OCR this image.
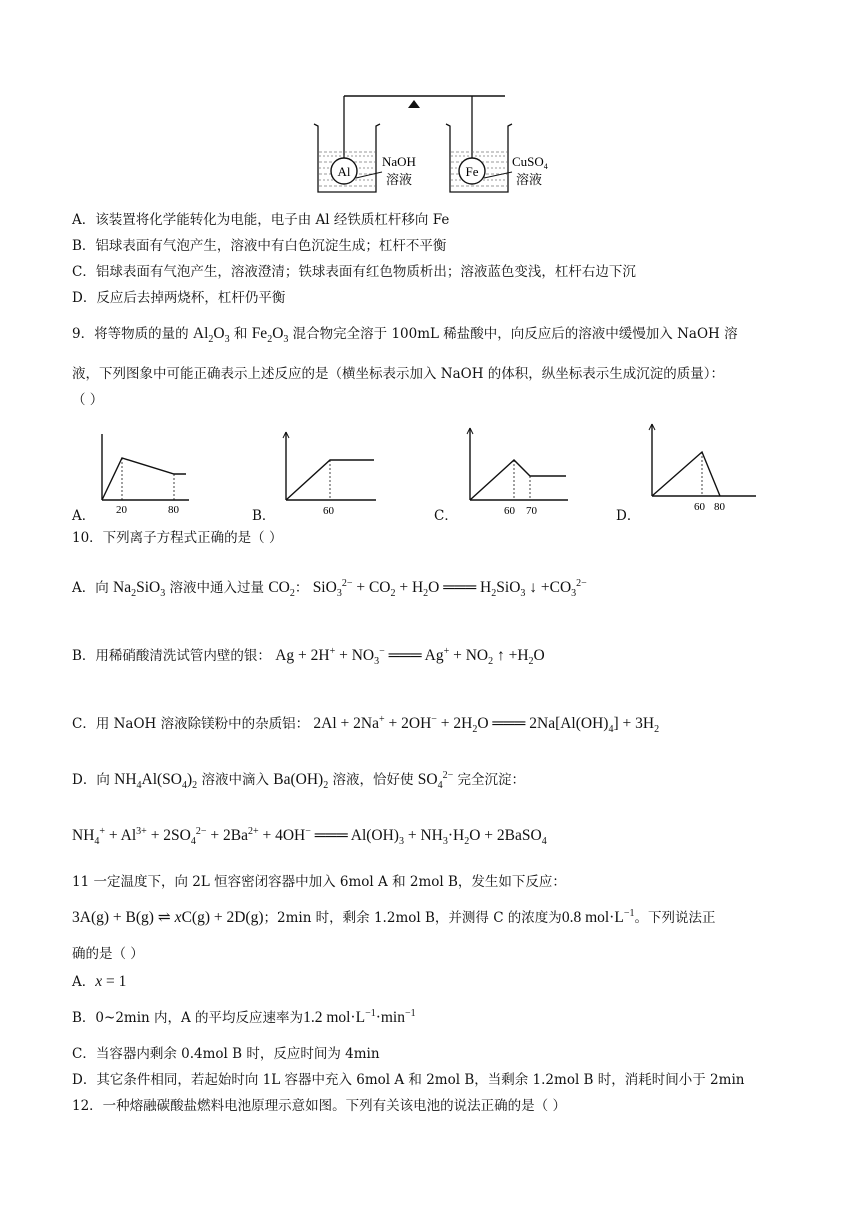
Al	Fe
NaOH
溶液
CuSO$_4$
溶液
A．该装置将化学能转化为电能，电子由 Al 经铁质杠杆移向 Fe
B．铝球表面有气泡产生，溶液中有白色沉淀生成；杠杆不平衡
C．铝球表面有气泡产生，溶液澄清；铁球表面有红色物质析出；溶液蓝色变浅，杠杆右边下沉
D．反应后去掉两烧杯，杠杆仍平衡
9．将等物质的量的 $Al_2O_3$ 和 $Fe_2O_3$ 混合物完全溶于 100mL 稀盐酸中，向反应后的溶液中缓慢加入 NaOH 溶
液，下列图象中可能正确表示上述反应的是（横坐标表示加入 NaOH 的体积，纵坐标表示生成沉淀的质量）：
（ ）
A． 20	80	B．	60	C．	60 70	D．
60 80
10．下列离子方程式正确的是（ ）
A．向 $Na_2SiO_3$ 溶液中通入过量 $CO_2$： $SiO_3^{2-} + CO_2 + H_2O$ ═══ $H_2SiO_3$ ↓ $+CO_3^{2-}$
B．用稀硝酸清洗试管内壁的银： $Ag + 2H^+ + NO_3^-$ ═══ $Ag^+ + NO_2$ ↑ $+H_2O$
C．用 NaOH 溶液除镁粉中的杂质铝： $2Al + 2Na^+ + 2OH^- + 2H_2O$ ═══ $2Na[Al(OH)_4] + 3H_2$
D．向 $NH_4Al(SO_4)_2$ 溶液中滴入 $Ba(OH)_2$ 溶液，恰好使 $SO_4^{2-}$ 完全沉淀：
$NH_4^+ + Al^{3+} + 2SO_4^{2-} + 2Ba^{2+} + 4OH^-$ ═══ $Al(OH)_3 + NH_3\cdot H_2O$ + 2BaSO$_4$
11 一定温度下，向 2L 恒容密闭容器中加入 6mol A 和 2mol B，发生如下反应：
3A(g) + B(g) ⇌ xC(g) + 2D(g)；2min 时，剩余 1.2mol B，并测得 C 的浓度为0.8 $mol\cdot L^{-1}$。下列说法正
确的是（ ）
A．x = 1
B．0~2min 内，A 的平均反应速率为1.2 $mol\cdot L^{-1}\cdot\min^{-1}$
C．当容器内剩余 0.4mol B 时，反应时间为 4min
D．其它条件相同，若起始时向 1L 容器中充入 6mol A 和 2mol B，当剩余 1.2mol B 时，消耗时间小于 2min
12．一种熔融碳酸盐燃料电池原理示意如图。下列有关该电池的说法正确的是（ ）
